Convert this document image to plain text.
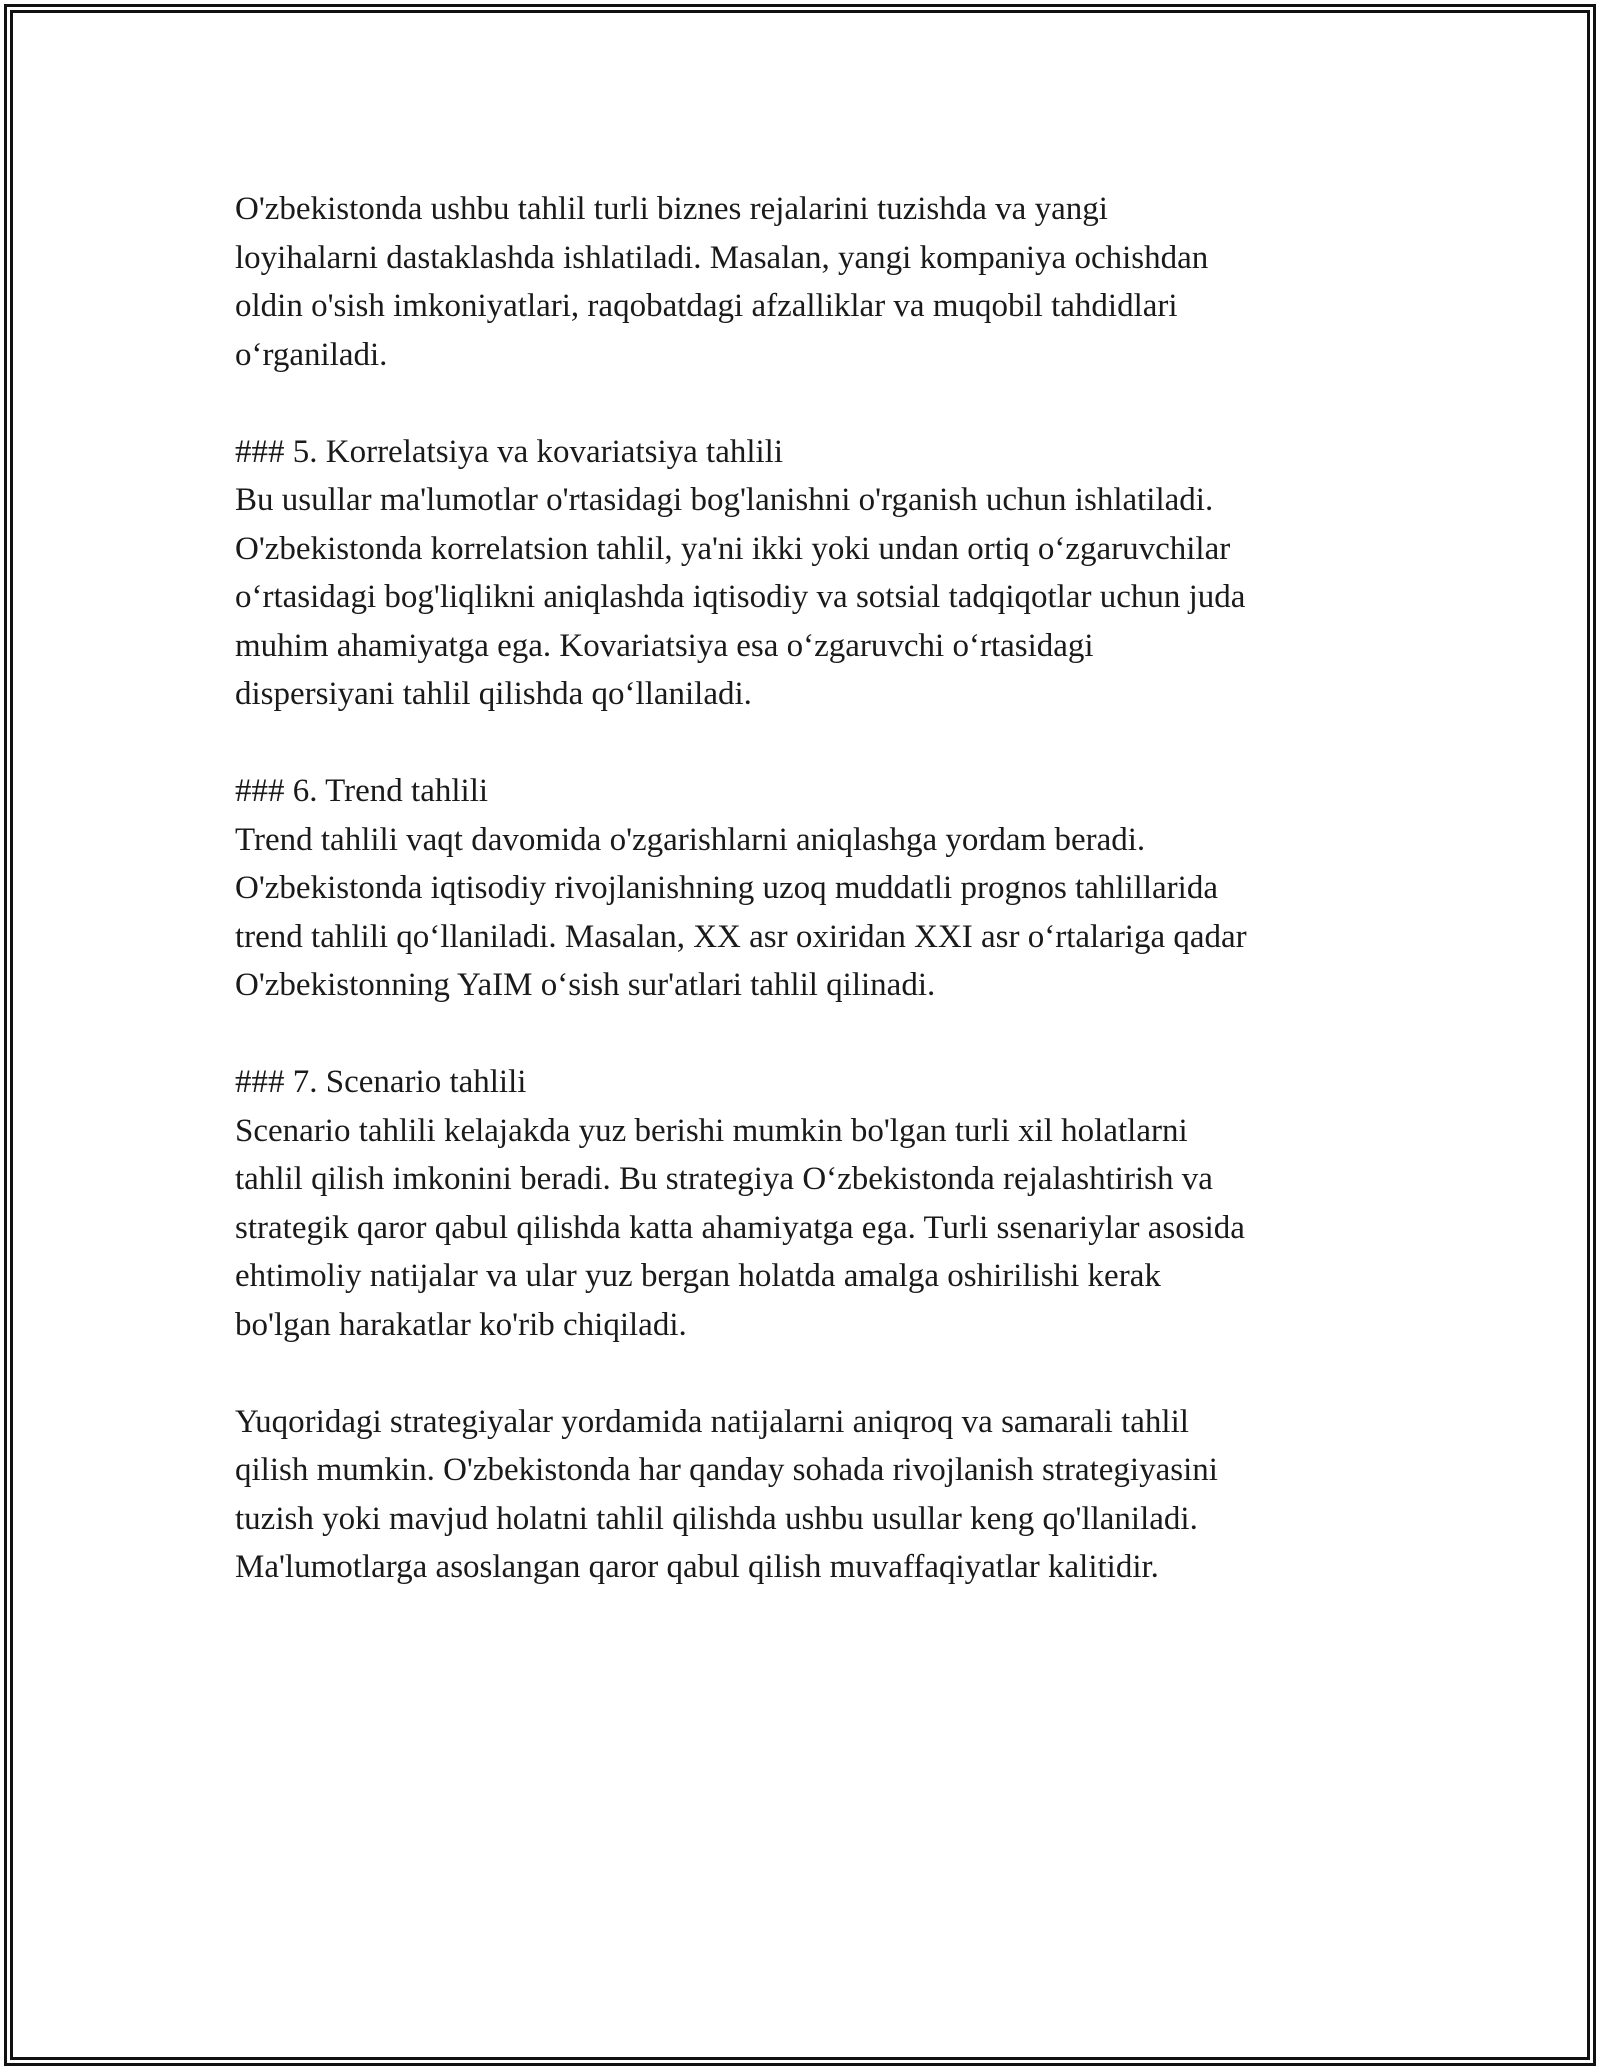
O'zbekistonda ushbu tahlil turli biznes rejalarini tuzishda va yangi
loyihalarni dastaklashda ishlatiladi. Masalan, yangi kompaniya ochishdan
oldin o'sish imkoniyatlari, raqobatdagi afzalliklar va muqobil tahdidlari
o‘rganiladi.
### 5. Korrelatsiya va kovariatsiya tahlili
Bu usullar ma'lumotlar o'rtasidagi bog'lanishni o'rganish uchun ishlatiladi.
O'zbekistonda korrelatsion tahlil, ya'ni ikki yoki undan ortiq o‘zgaruvchilar
o‘rtasidagi bog'liqlikni aniqlashda iqtisodiy va sotsial tadqiqotlar uchun juda
muhim ahamiyatga ega. Kovariatsiya esa o‘zgaruvchi o‘rtasidagi
dispersiyani tahlil qilishda qo‘llaniladi.
### 6. Trend tahlili
Trend tahlili vaqt davomida o'zgarishlarni aniqlashga yordam beradi.
O'zbekistonda iqtisodiy rivojlanishning uzoq muddatli prognos tahlillarida
trend tahlili qo‘llaniladi. Masalan, XX asr oxiridan XXI asr o‘rtalariga qadar
O'zbekistonning YaIM o‘sish sur'atlari tahlil qilinadi.
### 7. Scenario tahlili
Scenario tahlili kelajakda yuz berishi mumkin bo'lgan turli xil holatlarni
tahlil qilish imkonini beradi. Bu strategiya O‘zbekistonda rejalashtirish va
strategik qaror qabul qilishda katta ahamiyatga ega. Turli ssenariylar asosida
ehtimoliy natijalar va ular yuz bergan holatda amalga oshirilishi kerak
bo'lgan harakatlar ko'rib chiqiladi.
Yuqoridagi strategiyalar yordamida natijalarni aniqroq va samarali tahlil
qilish mumkin. O'zbekistonda har qanday sohada rivojlanish strategiyasini
tuzish yoki mavjud holatni tahlil qilishda ushbu usullar keng qo'llaniladi.
Ma'lumotlarga asoslangan qaror qabul qilish muvaffaqiyatlar kalitidir.
